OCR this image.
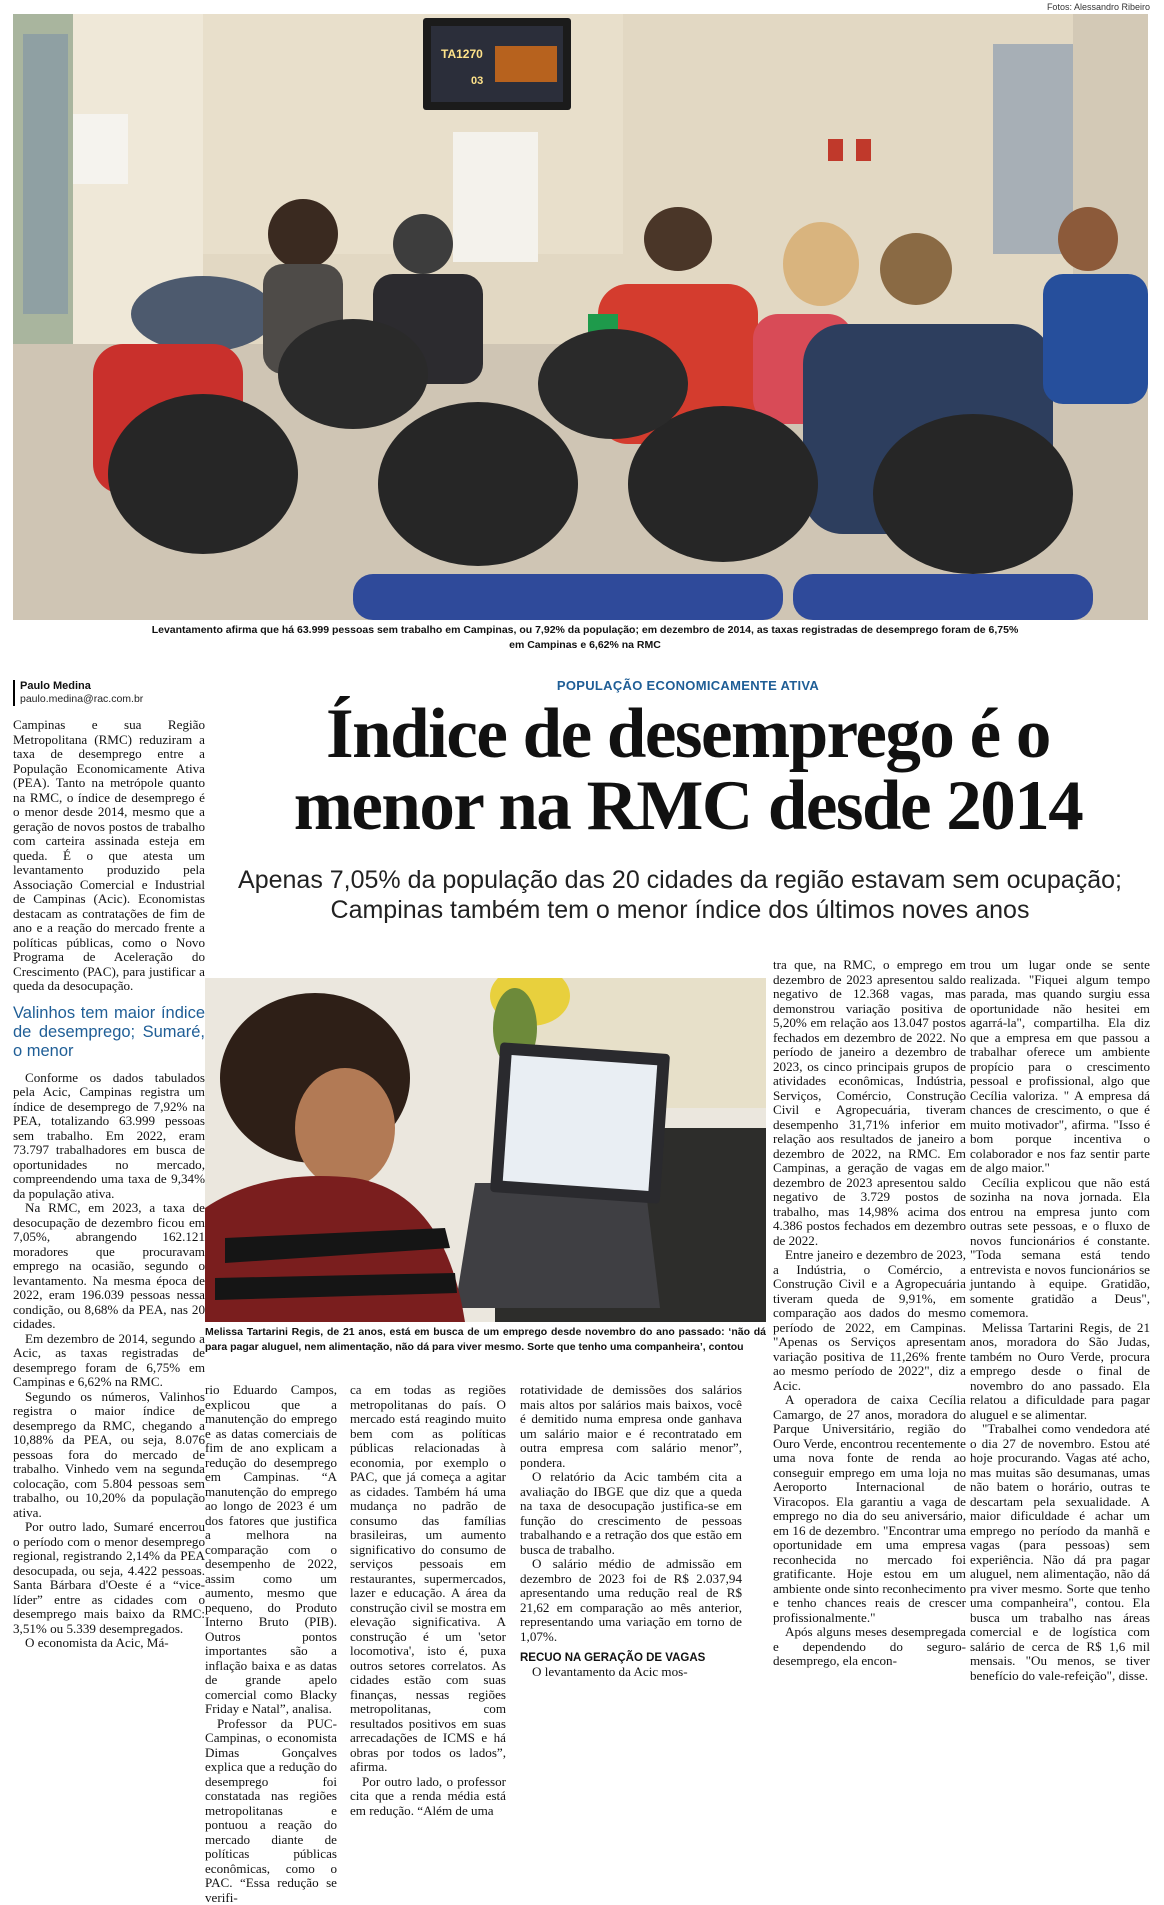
Fotos: Alessandro Ribeiro
TA1270
03
Levantamento afirma que há 63.999 pessoas sem trabalho em Campinas, ou 7,92% da população; em dezembro de 2014, as taxas registradas de desemprego foram de 6,75% em Campinas e 6,62% na RMC
Paulo Medina
paulo.medina@rac.com.br
POPULAÇÃO ECONOMICAMENTE ATIVA
Índice de desemprego é o menor na RMC desde 2014
Apenas 7,05% da população das 20 cidades da região estavam sem ocupação; Campinas também tem o menor índice dos últimos noves anos

Campinas e sua Região Metropolitana (RMC) reduziram a taxa de desemprego entre a População Economicamente Ativa (PEA). Tanto na metrópole quanto na RMC, o índice de desemprego é o menor desde 2014, mesmo que a geração de novos postos de trabalho com carteira assinada esteja em queda. É o que atesta um levantamento produzido pela Associação Comercial e Industrial de Campinas (Acic). Economistas destacam as contratações de fim de ano e a reação do mercado frente a políticas públicas, como o Novo Programa de Aceleração do Crescimento (PAC), para justificar a queda da desocupação.

Valinhos tem maior índice de desemprego; Sumaré, o menor

Conforme os dados tabulados pela Acic, Campinas registra um índice de desemprego de 7,92% na PEA, totalizando 63.999 pessoas sem trabalho. Em 2022, eram 73.797 trabalhadores em busca de oportunidades no mercado, compreendendo uma taxa de 9,34% da população ativa.

Na RMC, em 2023, a taxa de desocupação de dezembro ficou em 7,05%, abrangendo 162.121 moradores que procuravam emprego na ocasião, segundo o levantamento. Na mesma época de 2022, eram 196.039 pessoas nessa condição, ou 8,68% da PEA, nas 20 cidades.

Em dezembro de 2014, segundo a Acic, as taxas registradas de desemprego foram de 6,75% em Campinas e 6,62% na RMC.

Segundo os números, Valinhos registra o maior índice de desemprego da RMC, chegando a 10,88% da PEA, ou seja, 8.076 pessoas fora do mercado de trabalho. Vinhedo vem na segunda colocação, com 5.804 pessoas sem trabalho, ou 10,20% da população ativa.

Por outro lado, Sumaré encerrou o período com o menor desemprego regional, registrando 2,14% da PEA desocupada, ou seja, 4.422 pessoas. Santa Bárbara d'Oeste é a “vice-líder” entre as cidades com o desemprego mais baixo da RMC: 3,51% ou 5.339 desempregados.

O economista da Acic, Má-

Melissa Tartarini Regis, de 21 anos, está em busca de um emprego desde novembro do ano passado: ‘não dá para pagar aluguel, nem alimentação, não dá para viver mesmo. Sorte que tenho uma companheira’, contou

rio Eduardo Campos, explicou que a manutenção do emprego e as datas comerciais de fim de ano explicam a redução do desemprego em Campinas. “A manutenção do emprego ao longo de 2023 é um dos fatores que justifica a melhora na comparação com o desempenho de 2022, assim como um aumento, mesmo que pequeno, do Produto Interno Bruto (PIB). Outros pontos importantes são a inflação baixa e as datas de grande apelo comercial como Blacky Friday e Natal”, analisa.

Professor da PUC-Campinas, o economista Dimas Gonçalves explica que a redução do desemprego foi constatada nas regiões metropolitanas e pontuou a reação do mercado diante de políticas públicas econômicas, como o PAC. “Essa redução se verifi-

ca em todas as regiões metropolitanas do país. O mercado está reagindo muito bem com as políticas públicas relacionadas à economia, por exemplo o PAC, que já começa a agitar as cidades. Também há uma mudança no padrão de consumo das famílias brasileiras, um aumento significativo do consumo de serviços pessoais em restaurantes, supermercados, lazer e educação. A área da construção civil se mostra em elevação significativa. A construção é um 'setor locomotiva', isto é, puxa outros setores correlatos. As cidades estão com suas finanças, nessas regiões metropolitanas, com resultados positivos em suas arrecadações de ICMS e há obras por todos os lados”, afirma.

Por outro lado, o professor cita que a renda média está em redução. “Além de uma

rotatividade de demissões dos salários mais altos por salários mais baixos, você é demitido numa empresa onde ganhava um salário maior e é recontratado em outra empresa com salário menor”, pondera.

O relatório da Acic também cita a avaliação do IBGE que diz que a queda na taxa de desocupação justifica-se em função do crescimento de pessoas trabalhando e a retração dos que estão em busca de trabalho.

O salário médio de admissão em dezembro de 2023 foi de R$ 2.037,94 apresentando uma redução real de R$ 21,62 em comparação ao mês anterior, representando uma variação em torno de 1,07%.

RECUO NA GERAÇÃO DE VAGAS

O levantamento da Acic mos-

tra que, na RMC, o emprego em dezembro de 2023 apresentou saldo negativo de 12.368 vagas, mas demonstrou variação positiva de 5,20% em relação aos 13.047 postos fechados em dezembro de 2022. No período de janeiro a dezembro de 2023, os cinco principais grupos de atividades econômicas, Indústria, Serviços, Comércio, Construção Civil e Agropecuária, tiveram desempenho 31,71% inferior em relação aos resultados de janeiro a dezembro de 2022, na RMC. Em Campinas, a geração de vagas em dezembro de 2023 apresentou saldo negativo de 3.729 postos de trabalho, mas 14,98% acima dos 4.386 postos fechados em dezembro de 2022.

Entre janeiro e dezembro de 2023, a Indústria, o Comércio, a Construção Civil e a Agropecuária tiveram queda de 9,91%, em comparação aos dados do mesmo período de 2022, em Campinas. "Apenas os Serviços apresentam variação positiva de 11,26% frente ao mesmo período de 2022", diz a Acic.

A operadora de caixa Cecília Camargo, de 27 anos, moradora do Parque Universitário, região do Ouro Verde, encontrou recentemente uma nova fonte de renda ao conseguir emprego em uma loja no Aeroporto Internacional de Viracopos. Ela garantiu a vaga de emprego no dia do seu aniversário, em 16 de dezembro. "Encontrar uma oportunidade em uma empresa reconhecida no mercado foi gratificante. Hoje estou em um ambiente onde sinto reconhecimento e tenho chances reais de crescer profissionalmente."

Após alguns meses desempregada e dependendo do seguro-desemprego, ela encon-

trou um lugar onde se sente realizada. "Fiquei algum tempo parada, mas quando surgiu essa oportunidade não hesitei em agarrá-la", compartilha. Ela diz que a empresa em que passou a trabalhar oferece um ambiente propício para o crescimento pessoal e profissional, algo que Cecília valoriza. " A empresa dá chances de crescimento, o que é muito motivador", afirma. "Isso é bom porque incentiva o colaborador e nos faz sentir parte de algo maior."

Cecília explicou que não está sozinha na nova jornada. Ela entrou na empresa junto com outras sete pessoas, e o fluxo de novos funcionários é constante. "Toda semana está tendo entrevista e novos funcionários se juntando à equipe. Gratidão, somente gratidão a Deus", comemora.

Melissa Tartarini Regis, de 21 anos, moradora do São Judas, também no Ouro Verde, procura emprego desde o final de novembro do ano passado. Ela relatou a dificuldade para pagar aluguel e se alimentar.

"Trabalhei como vendedora até o dia 27 de novembro. Estou até hoje procurando. Vagas até acho, mas muitas são desumanas, umas não batem o horário, outras te descartam pela sexualidade. A maior dificuldade é achar um emprego no período da manhã e vagas (para pessoas) sem experiência. Não dá pra pagar aluguel, nem alimentação, não dá pra viver mesmo. Sorte que tenho uma companheira", contou. Ela busca um trabalho nas áreas comercial e de logística com salário de cerca de R$ 1,6 mil mensais. "Ou menos, se tiver benefício do vale-refeição", disse.
